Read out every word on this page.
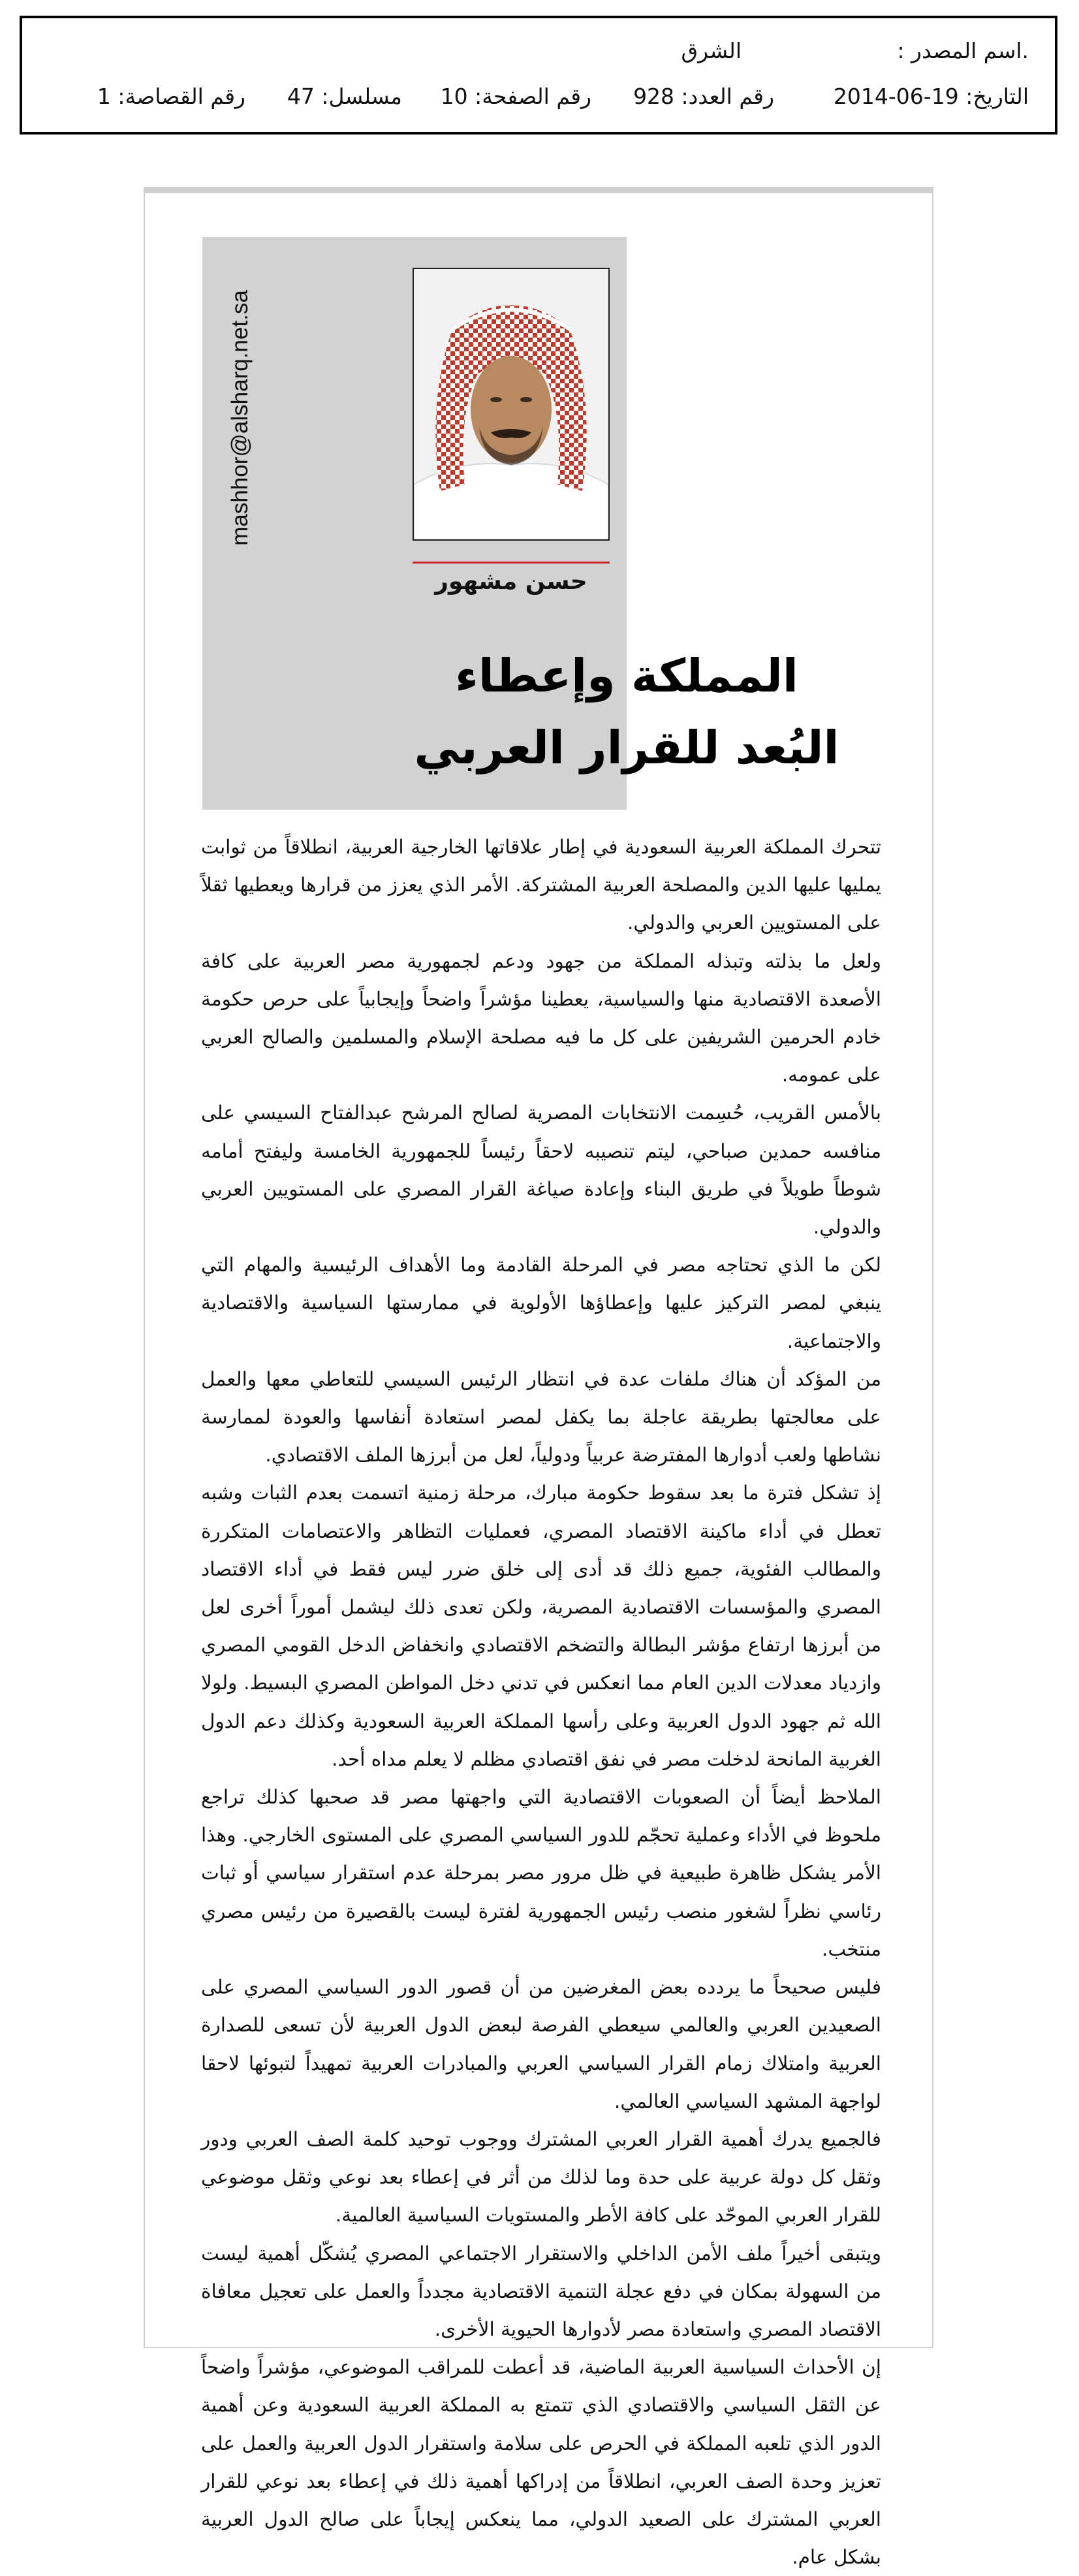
.اسم المصدر :
الشرق
التاريخ: 19-06-2014
رقم العدد: 928
رقم الصفحة: 10
مسلسل: 47
رقم القصاصة: 1
mashhor@alsharq.net.sa
حسن مشهور
المملكة وإعطاء
البُعد للقرار العربي

تتحرك المملكة العربية السعودية في إطار علاقاتها الخارجية العربية، انطلاقاً من ثوابت يمليها عليها الدين والمصلحة العربية المشتركة. الأمر الذي يعزز من قرارها ويعطيها ثقلاً على المستويين العربي والدولي.

ولعل ما بذلته وتبذله المملكة من جهود ودعم لجمهورية مصر العربية على كافة الأصعدة الاقتصادية منها والسياسية، يعطينا مؤشراً واضحاً وإيجابياً على حرص حكومة خادم الحرمين الشريفين على كل ما فيه مصلحة الإسلام والمسلمين والصالح العربي على عمومه.

بالأمس القريب، حُسِمت الانتخابات المصرية لصالح المرشح عبدالفتاح السيسي على منافسه حمدين صباحي، ليتم تنصيبه لاحقاً رئيساً للجمهورية الخامسة وليفتح أمامه شوطاً طويلاً في طريق البناء وإعادة صياغة القرار المصري على المستويين العربي والدولي.

لكن ما الذي تحتاجه مصر في المرحلة القادمة وما الأهداف الرئيسية والمهام التي ينبغي لمصر التركيز عليها وإعطاؤها الأولوية في ممارستها السياسية والاقتصادية والاجتماعية.

من المؤكد أن هناك ملفات عدة في انتظار الرئيس السيسي للتعاطي معها والعمل على معالجتها بطريقة عاجلة بما يكفل لمصر استعادة أنفاسها والعودة لممارسة نشاطها ولعب أدوارها المفترضة عربياً ودولياً، لعل من أبرزها الملف الاقتصادي.

إذ تشكل فترة ما بعد سقوط حكومة مبارك، مرحلة زمنية اتسمت بعدم الثبات وشبه تعطل في أداء ماكينة الاقتصاد المصري، فعمليات التظاهر والاعتصامات المتكررة والمطالب الفئوية، جميع ذلك قد أدى إلى خلق ضرر ليس فقط في أداء الاقتصاد المصري والمؤسسات الاقتصادية المصرية، ولكن تعدى ذلك ليشمل أموراً أخرى لعل من أبرزها ارتفاع مؤشر البطالة والتضخم الاقتصادي وانخفاض الدخل القومي المصري وازدياد معدلات الدين العام مما انعكس في تدني دخل المواطن المصري البسيط. ولولا الله ثم جهود الدول العربية وعلى رأسها المملكة العربية السعودية وكذلك دعم الدول الغربية المانحة لدخلت مصر في نفق اقتصادي مظلم لا يعلم مداه أحد.

الملاحظ أيضاً أن الصعوبات الاقتصادية التي واجهتها مصر قد صحبها كذلك تراجع ملحوظ في الأداء وعملية تحجّم للدور السياسي المصري على المستوى الخارجي. وهذا الأمر يشكل ظاهرة طبيعية في ظل مرور مصر بمرحلة عدم استقرار سياسي أو ثبات رئاسي نظراً لشغور منصب رئيس الجمهورية لفترة ليست بالقصيرة من رئيس مصري منتخب.

فليس صحيحاً ما يردده بعض المغرضين من أن قصور الدور السياسي المصري على الصعيدين العربي والعالمي سيعطي الفرصة لبعض الدول العربية لأن تسعى للصدارة العربية وامتلاك زمام القرار السياسي العربي والمبادرات العربية تمهيداً لتبوئها لاحقا لواجهة المشهد السياسي العالمي.

فالجميع يدرك أهمية القرار العربي المشترك ووجوب توحيد كلمة الصف العربي ودور وثقل كل دولة عربية على حدة وما لذلك من أثر في إعطاء بعد نوعي وثقل موضوعي للقرار العربي الموحّد على كافة الأطر والمستويات السياسية العالمية.

ويتبقى أخيراً ملف الأمن الداخلي والاستقرار الاجتماعي المصري يُشكّل أهمية ليست من السهولة بمكان في دفع عجلة التنمية الاقتصادية مجدداً والعمل على تعجيل معافاة الاقتصاد المصري واستعادة مصر لأدوارها الحيوية الأخرى.

إن الأحداث السياسية العربية الماضية، قد أعطت للمراقب الموضوعي، مؤشراً واضحاً عن الثقل السياسي والاقتصادي الذي تتمتع به المملكة العربية السعودية وعن أهمية الدور الذي تلعبه المملكة في الحرص على سلامة واستقرار الدول العربية والعمل على تعزيز وحدة الصف العربي، انطلاقاً من إدراكها أهمية ذلك في إعطاء بعد نوعي للقرار العربي المشترك على الصعيد الدولي، مما ينعكس إيجاباً على صالح الدول العربية بشكل عام.
